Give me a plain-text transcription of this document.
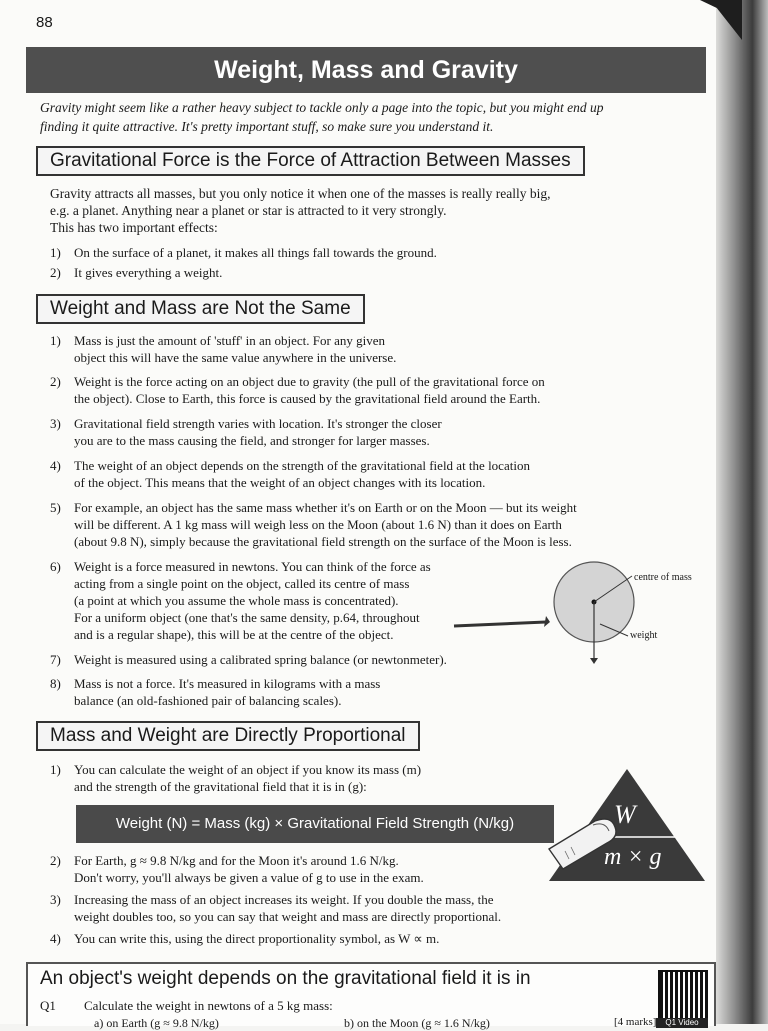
88
Weight, Mass and Gravity
Gravity might seem like a rather heavy subject to tackle only a page into the topic, but you might end up
finding it quite attractive. It's pretty important stuff, so make sure you understand it.
Gravitational Force is the Force of Attraction Between Masses
Gravity attracts all masses, but you only notice it when one of the masses is really really big,
e.g. a planet. Anything near a planet or star is attracted to it very strongly.
This has two important effects:
1) On the surface of a planet, it makes all things fall towards the ground.
2) It gives everything a weight.
Weight and Mass are Not the Same
1) Mass is just the amount of 'stuff' in an object. For any given
object this will have the same value anywhere in the universe.
2) Weight is the force acting on an object due to gravity (the pull of the gravitational force on
the object). Close to Earth, this force is caused by the gravitational field around the Earth.
3) Gravitational field strength varies with location. It's stronger the closer
you are to the mass causing the field, and stronger for larger masses.
4) The weight of an object depends on the strength of the gravitational field at the location
of the object. This means that the weight of an object changes with its location.
5) For example, an object has the same mass whether it's on Earth or on the Moon — but its weight
will be different. A 1 kg mass will weigh less on the Moon (about 1.6 N) than it does on Earth
(about 9.8 N), simply because the gravitational field strength on the surface of the Moon is less.
6) Weight is a force measured in newtons. You can think of the force as
acting from a single point on the object, called its centre of mass
(a point at which you assume the whole mass is concentrated).
For a uniform object (one that's the same density, p.64, throughout
and is a regular shape), this will be at the centre of the object.
centre of mass
weight
7) Weight is measured using a calibrated spring balance (or newtonmeter).
8) Mass is not a force. It's measured in kilograms with a mass
balance (an old-fashioned pair of balancing scales).
Mass and Weight are Directly Proportional
1) You can calculate the weight of an object if you know its mass (m)
and the strength of the gravitational field that it is in (g):
Weight (N) = Mass (kg) × Gravitational Field Strength (N/kg)	W
m × g
2) For Earth, g ≈ 9.8 N/kg and for the Moon it's around 1.6 N/kg.
Don't worry, you'll always be given a value of g to use in the exam.
3) Increasing the mass of an object increases its weight. If you double the mass, the
weight doubles too, so you can say that weight and mass are directly proportional.
4) You can write this, using the direct proportionality symbol, as W ∝ m.
An object's weight depends on the gravitational field it is in
Q1 Calculate the weight in newtons of a 5 kg mass:
a) on Earth (g ≈ 9.8 N/kg)	b) on the Moon (g ≈ 1.6 N/kg)	[4 marks]	Q1 Video
